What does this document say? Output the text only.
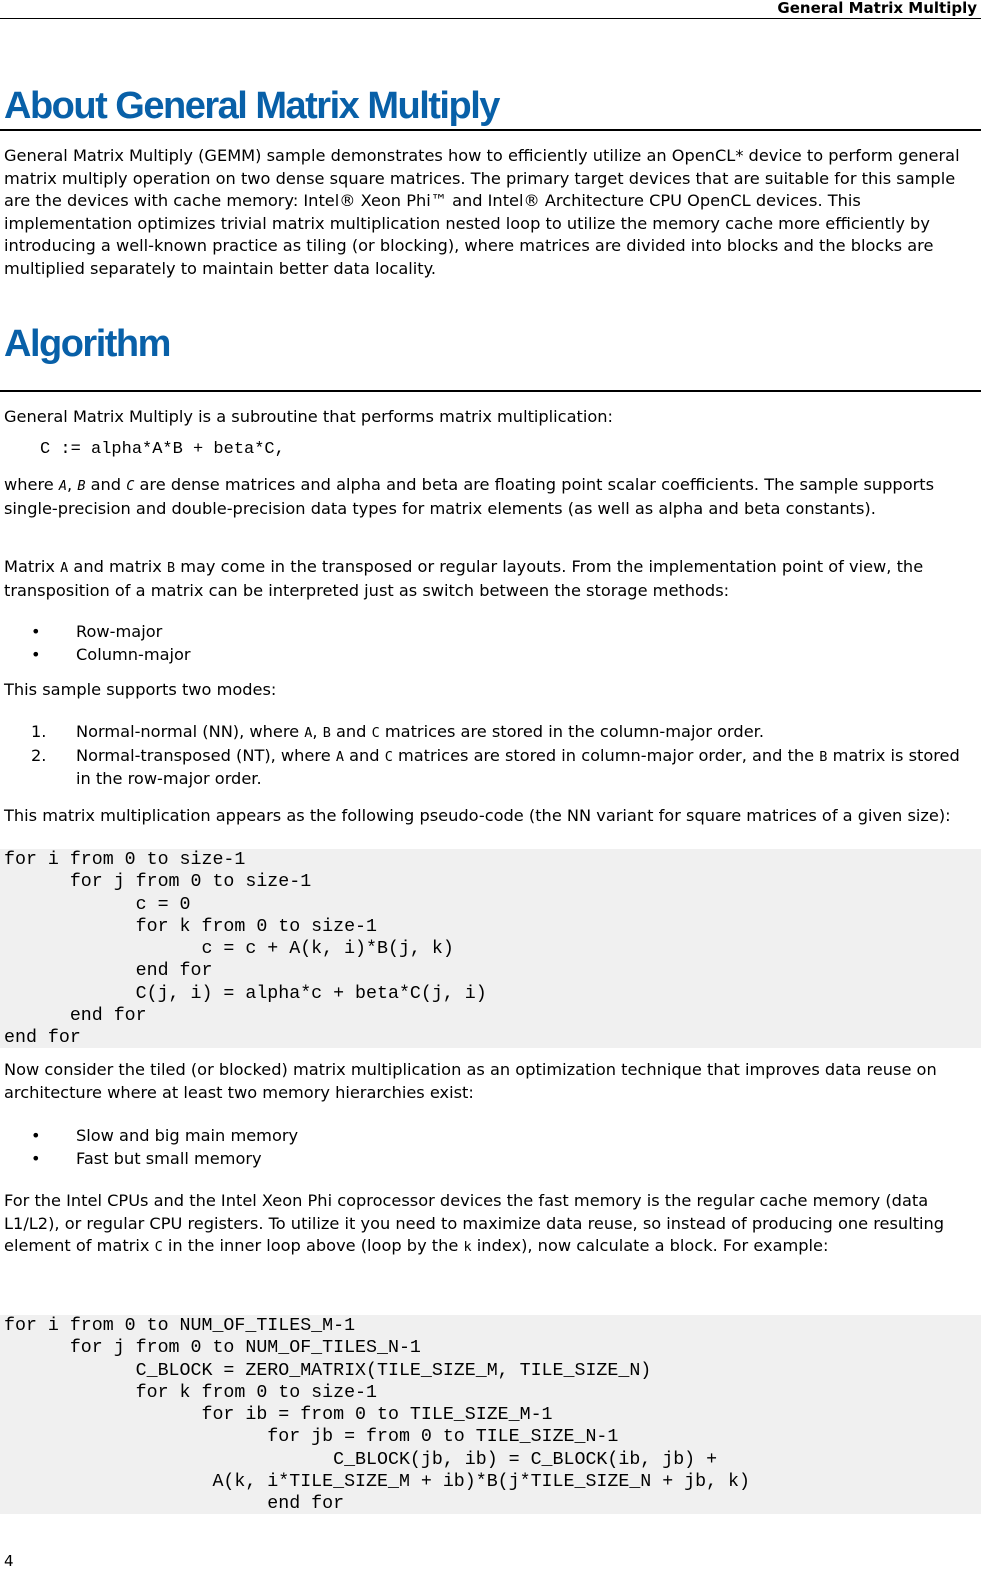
General Matrix Multiply
About General Matrix Multiply

General Matrix Multiply (GEMM) sample demonstrates how to efficiently utilize an OpenCL* device to perform general matrix multiply operation on two dense square matrices. The primary target devices that are suitable for this sample are the devices with cache memory: Intel® Xeon Phi™ and Intel® Architecture CPU OpenCL devices. This implementation optimizes trivial matrix multiplication nested loop to utilize the memory cache more efficiently by introducing a well-known practice as tiling (or blocking), where matrices are divided into blocks and the blocks are multiplied separately to maintain better data locality.

Algorithm

General Matrix Multiply is a subroutine that performs matrix multiplication:

C := alpha*A*B + beta*C,

where A, B and C are dense matrices and alpha and beta are floating point scalar coefficients. The sample supports single-precision and double-precision data types for matrix elements (as well as alpha and beta constants).

Matrix A and matrix B may come in the transposed or regular layouts. From the implementation point of view, the transposition of a matrix can be interpreted just as switch between the storage methods:

• Row-major
• Column-major

This sample supports two modes:

1. Normal-normal (NN), where A, B and C matrices are stored in the column-major order.
2. Normal-transposed (NT), where A and C matrices are stored in column-major order, and the B matrix is stored in the row-major order.

This matrix multiplication appears as the following pseudo-code (the NN variant for square matrices of a given size):

for i from 0 to size-1
for j from 0 to size-1
c = 0
for k from 0 to size-1
c = c + A(k, i)*B(j, k)
end for
C(j, i) = alpha*c + beta*C(j, i)
end for
end for

Now consider the tiled (or blocked) matrix multiplication as an optimization technique that improves data reuse on architecture where at least two memory hierarchies exist:

• Slow and big main memory
• Fast but small memory

For the Intel CPUs and the Intel Xeon Phi coprocessor devices the fast memory is the regular cache memory (data L1/L2), or regular CPU registers. To utilize it you need to maximize data reuse, so instead of producing one resulting element of matrix C in the inner loop above (loop by the k index), now calculate a block. For example:

for i from 0 to NUM_OF_TILES_M-1
for j from 0 to NUM_OF_TILES_N-1
C_BLOCK = ZERO_MATRIX(TILE_SIZE_M, TILE_SIZE_N)
for k from 0 to size-1
for ib = from 0 to TILE_SIZE_M-1
for jb = from 0 to TILE_SIZE_N-1
C_BLOCK(jb, ib) = C_BLOCK(ib, jb) +
A(k, i*TILE_SIZE_M + ib)*B(j*TILE_SIZE_N + jb, k)
end for
4
